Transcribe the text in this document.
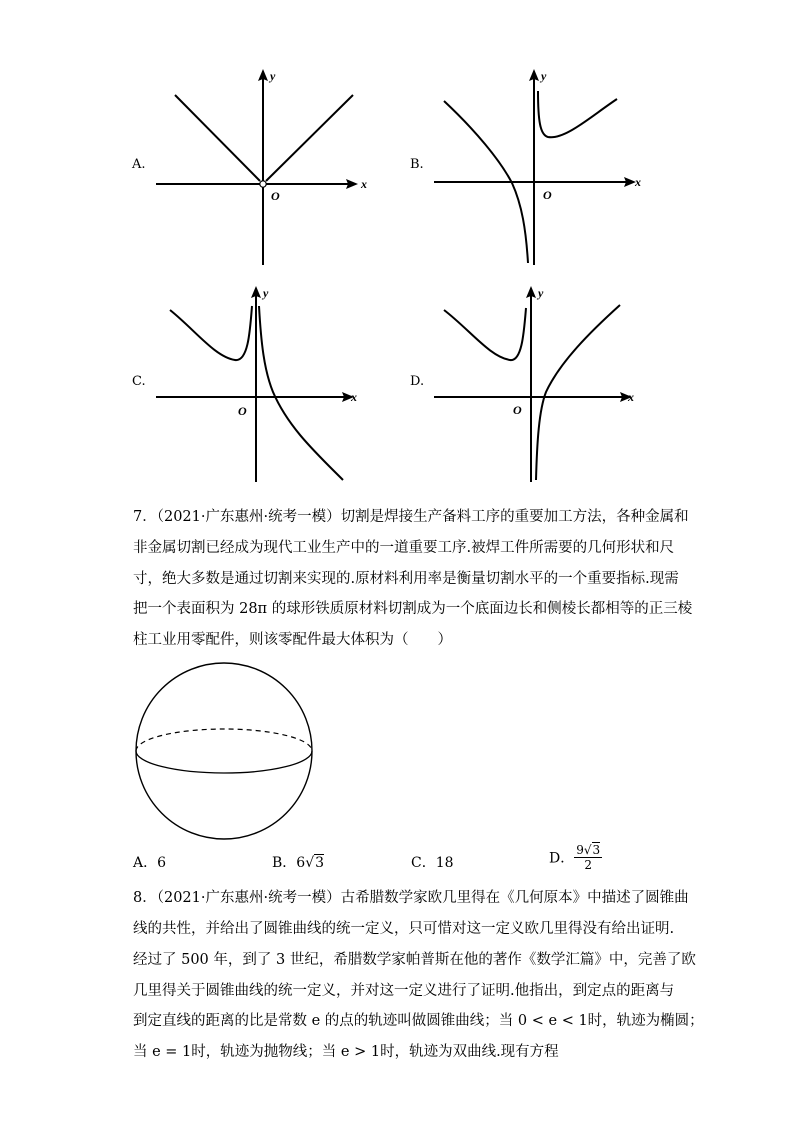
A.
y
x
O
B.
y
x
O
C.
y
x
O
D.
y
x
O
7．（2021·广东惠州·统考一模）切割是焊接生产备料工序的重要加工方法，各种金属和
非金属切割已经成为现代工业生产中的一道重要工序.被焊工件所需要的几何形状和尺
寸，绝大多数是通过切割来实现的.原材料利用率是衡量切割水平的一个重要指标.现需
把一个表面积为 28π 的球形铁质原材料切割成为一个底面边长和侧棱长都相等的正三棱
柱工业用零配件，则该零配件最大体积为（　　）
A．6	B．6√3	C．18	D． $\frac{9√3}{2}$
8．（2021·广东惠州·统考一模）古希腊数学家欧几里得在《几何原本》中描述了圆锥曲
线的共性，并给出了圆锥曲线的统一定义，只可惜对这一定义欧几里得没有给出证明.
经过了 500 年，到了 3 世纪，希腊数学家帕普斯在他的著作《数学汇篇》中，完善了欧
几里得关于圆锥曲线的统一定义，并对这一定义进行了证明.他指出，到定点的距离与
到定直线的距离的比是常数 e 的点的轨迹叫做圆锥曲线；当 0 < e < 1时，轨迹为椭圆；
当 e = 1时，轨迹为抛物线；当 e > 1时，轨迹为双曲线.现有方程
